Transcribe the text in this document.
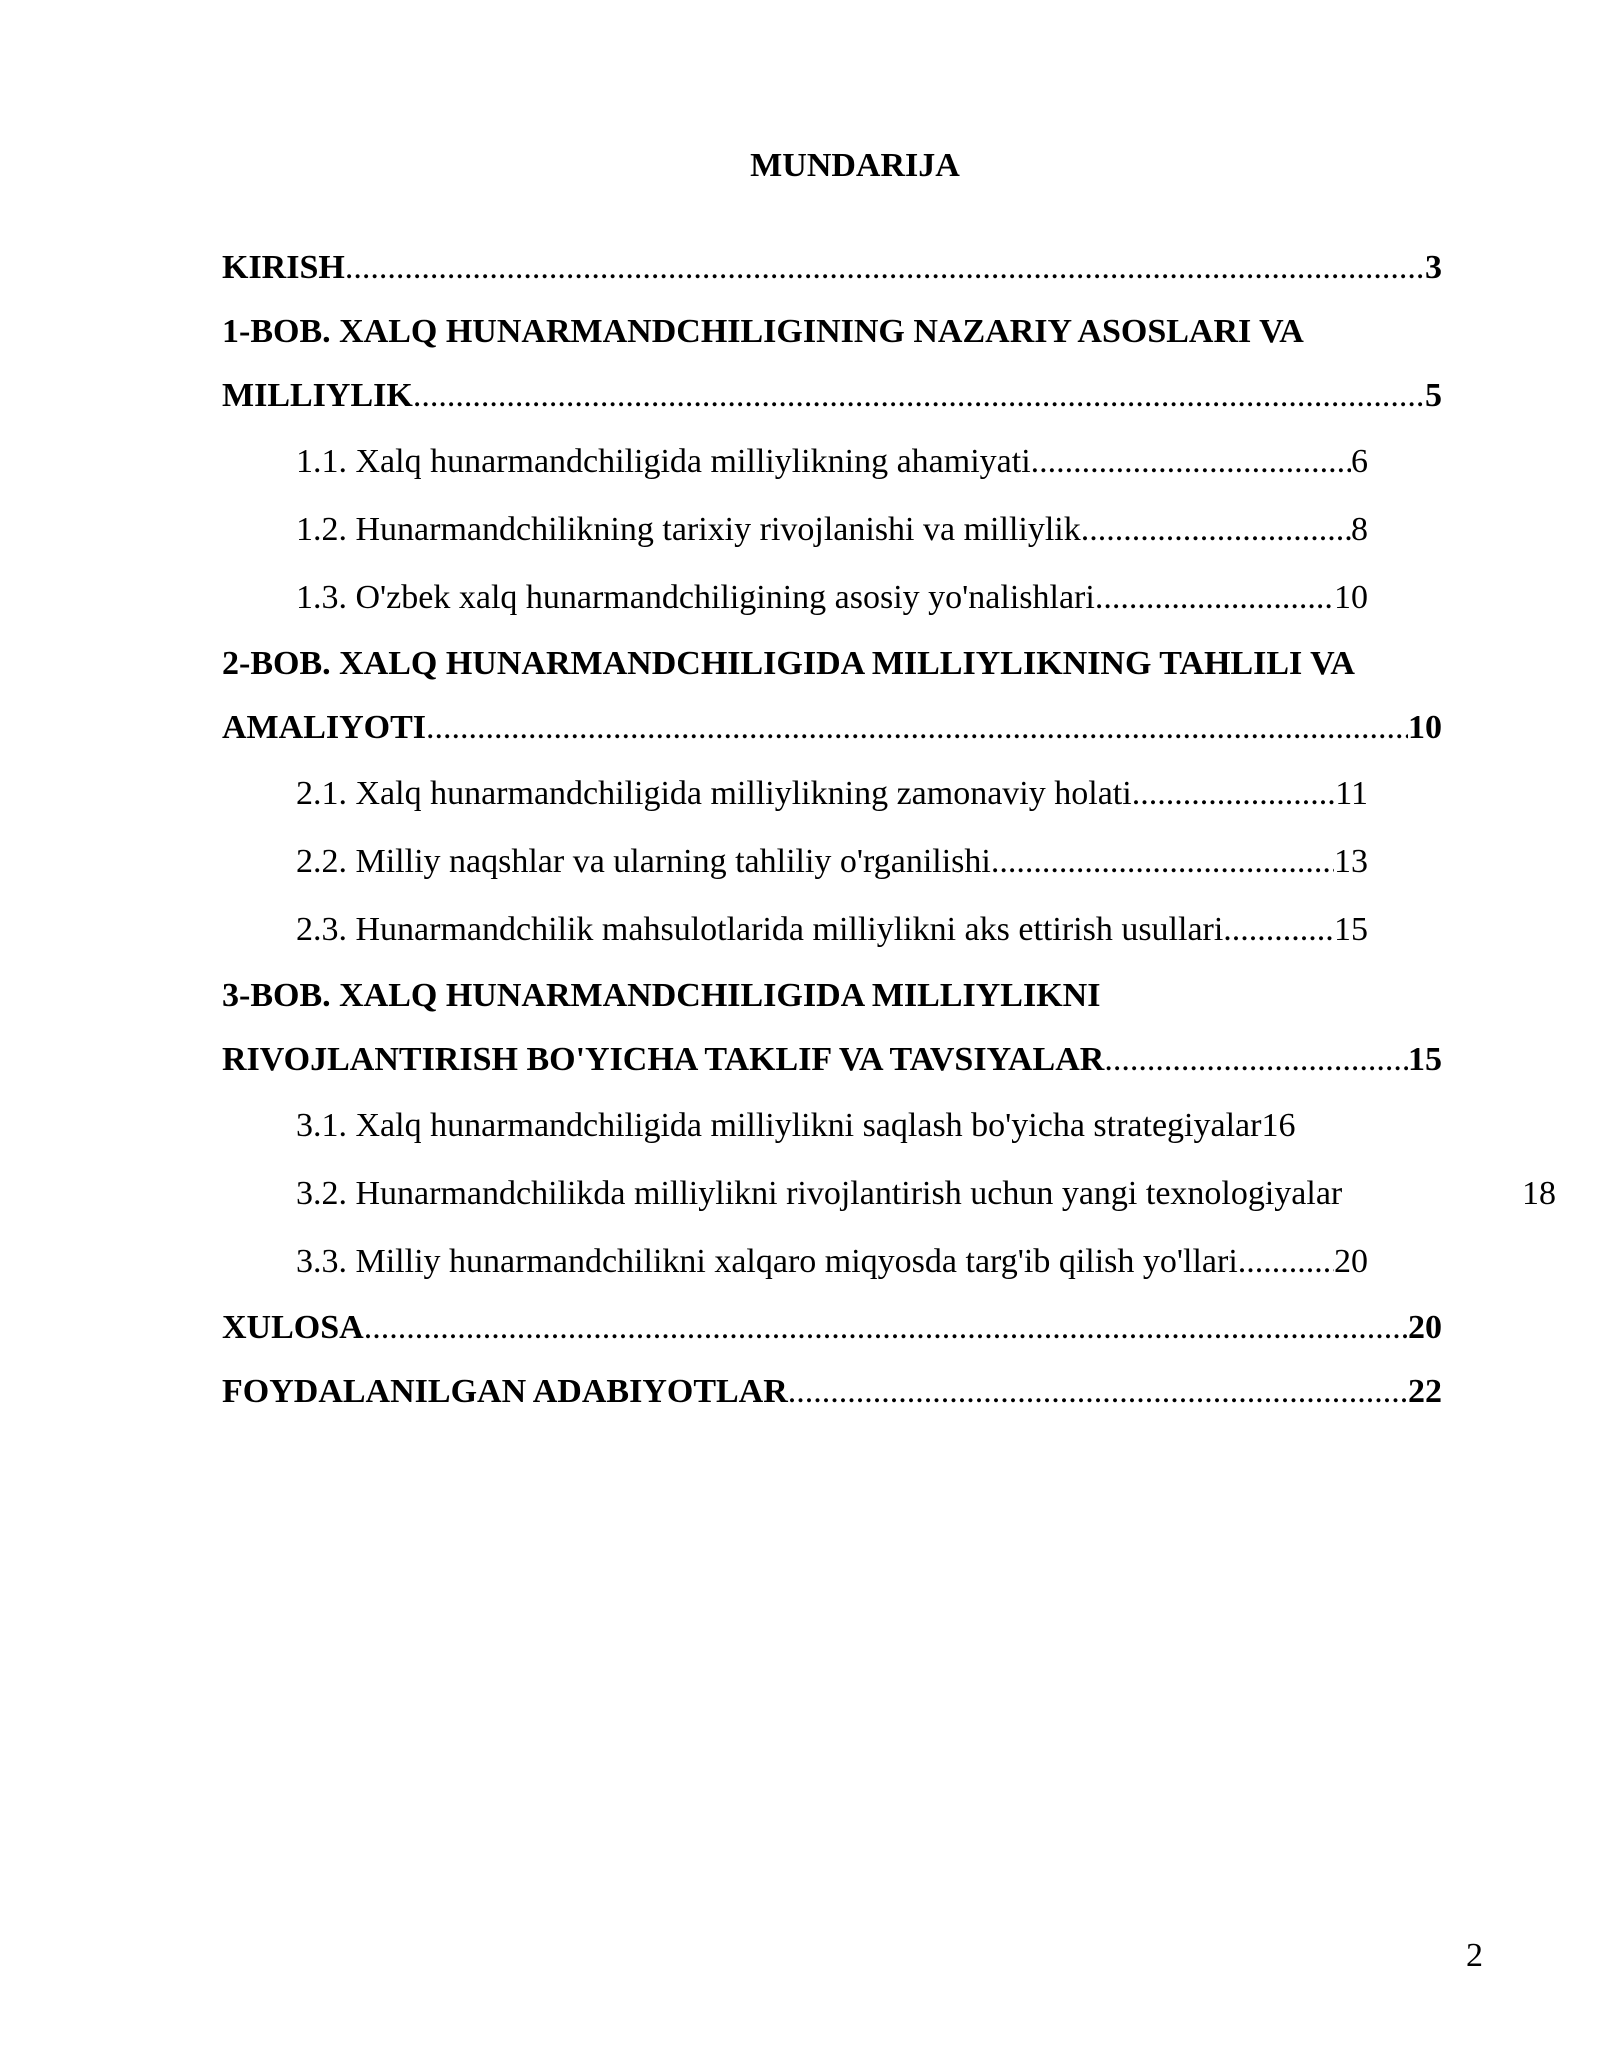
MUNDARIJA
KIRISH .....	3
1-BOB. XALQ HUNARMANDCHILIGINING NAZARIY ASOSLARI VA
MILLIYLIK .....	5
1.1. Xalq hunarmandchiligida milliylikning ahamiyati .....	6
1.2. Hunarmandchilikning tarixiy rivojlanishi va milliylik .....	8
1.3. O'zbek xalq hunarmandchiligining asosiy yo'nalishlari .....	10
2-BOB. XALQ HUNARMANDCHILIGIDA MILLIYLIKNING TAHLILI VA
AMALIYOTI .....	10
2.1. Xalq hunarmandchiligida milliylikning zamonaviy holati .....	11
2.2. Milliy naqshlar va ularning tahliliy o'rganilishi .....	13
2.3. Hunarmandchilik mahsulotlarida milliylikni aks ettirish usullari .....	15
3-BOB. XALQ HUNARMANDCHILIGIDA MILLIYLIKNI
RIVOJLANTIRISH BO'YICHA TAKLIF VA TAVSIYALAR .....	15
3.1. Xalq hunarmandchiligida milliylikni saqlash bo'yicha strategiyalar 16
3.2. Hunarmandchilikda milliylikni rivojlantirish uchun yangi texnologiyalar	18
3.3. Milliy hunarmandchilikni xalqaro miqyosda targ'ib qilish yo'llari. .....	20
XULOSA .....	20
FOYDALANILGAN ADABIYOTLAR .....	22
2
